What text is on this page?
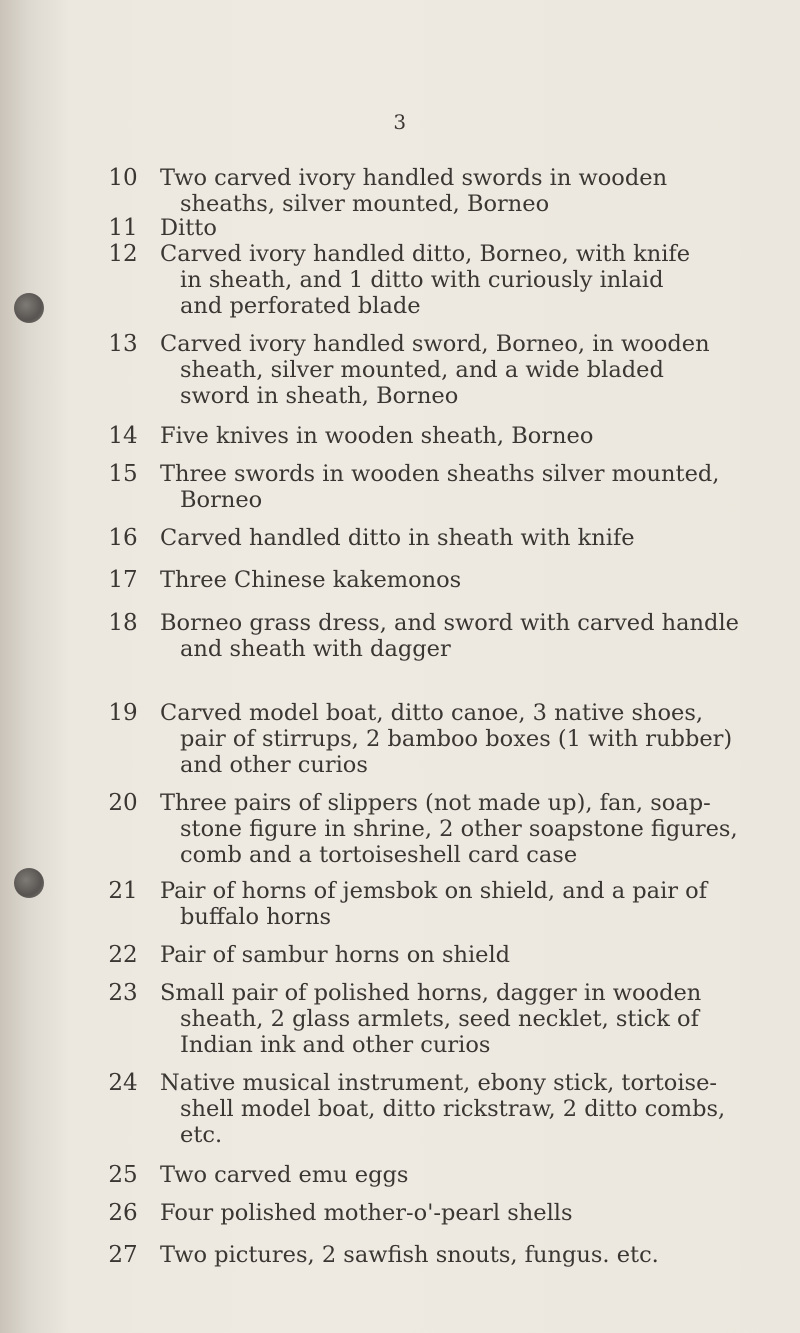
3
10 Two carved ivory handled swords in wooden
sheaths, silver mounted, Borneo
11 Ditto
12 Carved ivory handled ditto, Borneo, with knife
in sheath, and 1 ditto with curiously inlaid
and perforated blade
13 Carved ivory handled sword, Borneo, in wooden
sheath, silver mounted, and a wide bladed
sword in sheath, Borneo
14 Five knives in wooden sheath, Borneo
15 Three swords in wooden sheaths silver mounted,
Borneo
16 Carved handled ditto in sheath with knife
17 Three Chinese kakemonos
18 Borneo grass dress, and sword with carved handle
and sheath with dagger
19 Carved model boat, ditto canoe, 3 native shoes,
pair of stirrups, 2 bamboo boxes (1 with rubber)
and other curios
20 Three pairs of slippers (not made up), fan, soap-
stone figure in shrine, 2 other soapstone figures,
comb and a tortoiseshell card case
21 Pair of horns of jemsbok on shield, and a pair of
buffalo horns
22 Pair of sambur horns on shield
23 Small pair of polished horns, dagger in wooden
sheath, 2 glass armlets, seed necklet, stick of
Indian ink and other curios
24 Native musical instrument, ebony stick, tortoise-
shell model boat, ditto rickstraw, 2 ditto combs,
etc.
25 Two carved emu eggs
26 Four polished mother-o'-pearl shells
27 Two pictures, 2 sawfish snouts, fungus. etc.
